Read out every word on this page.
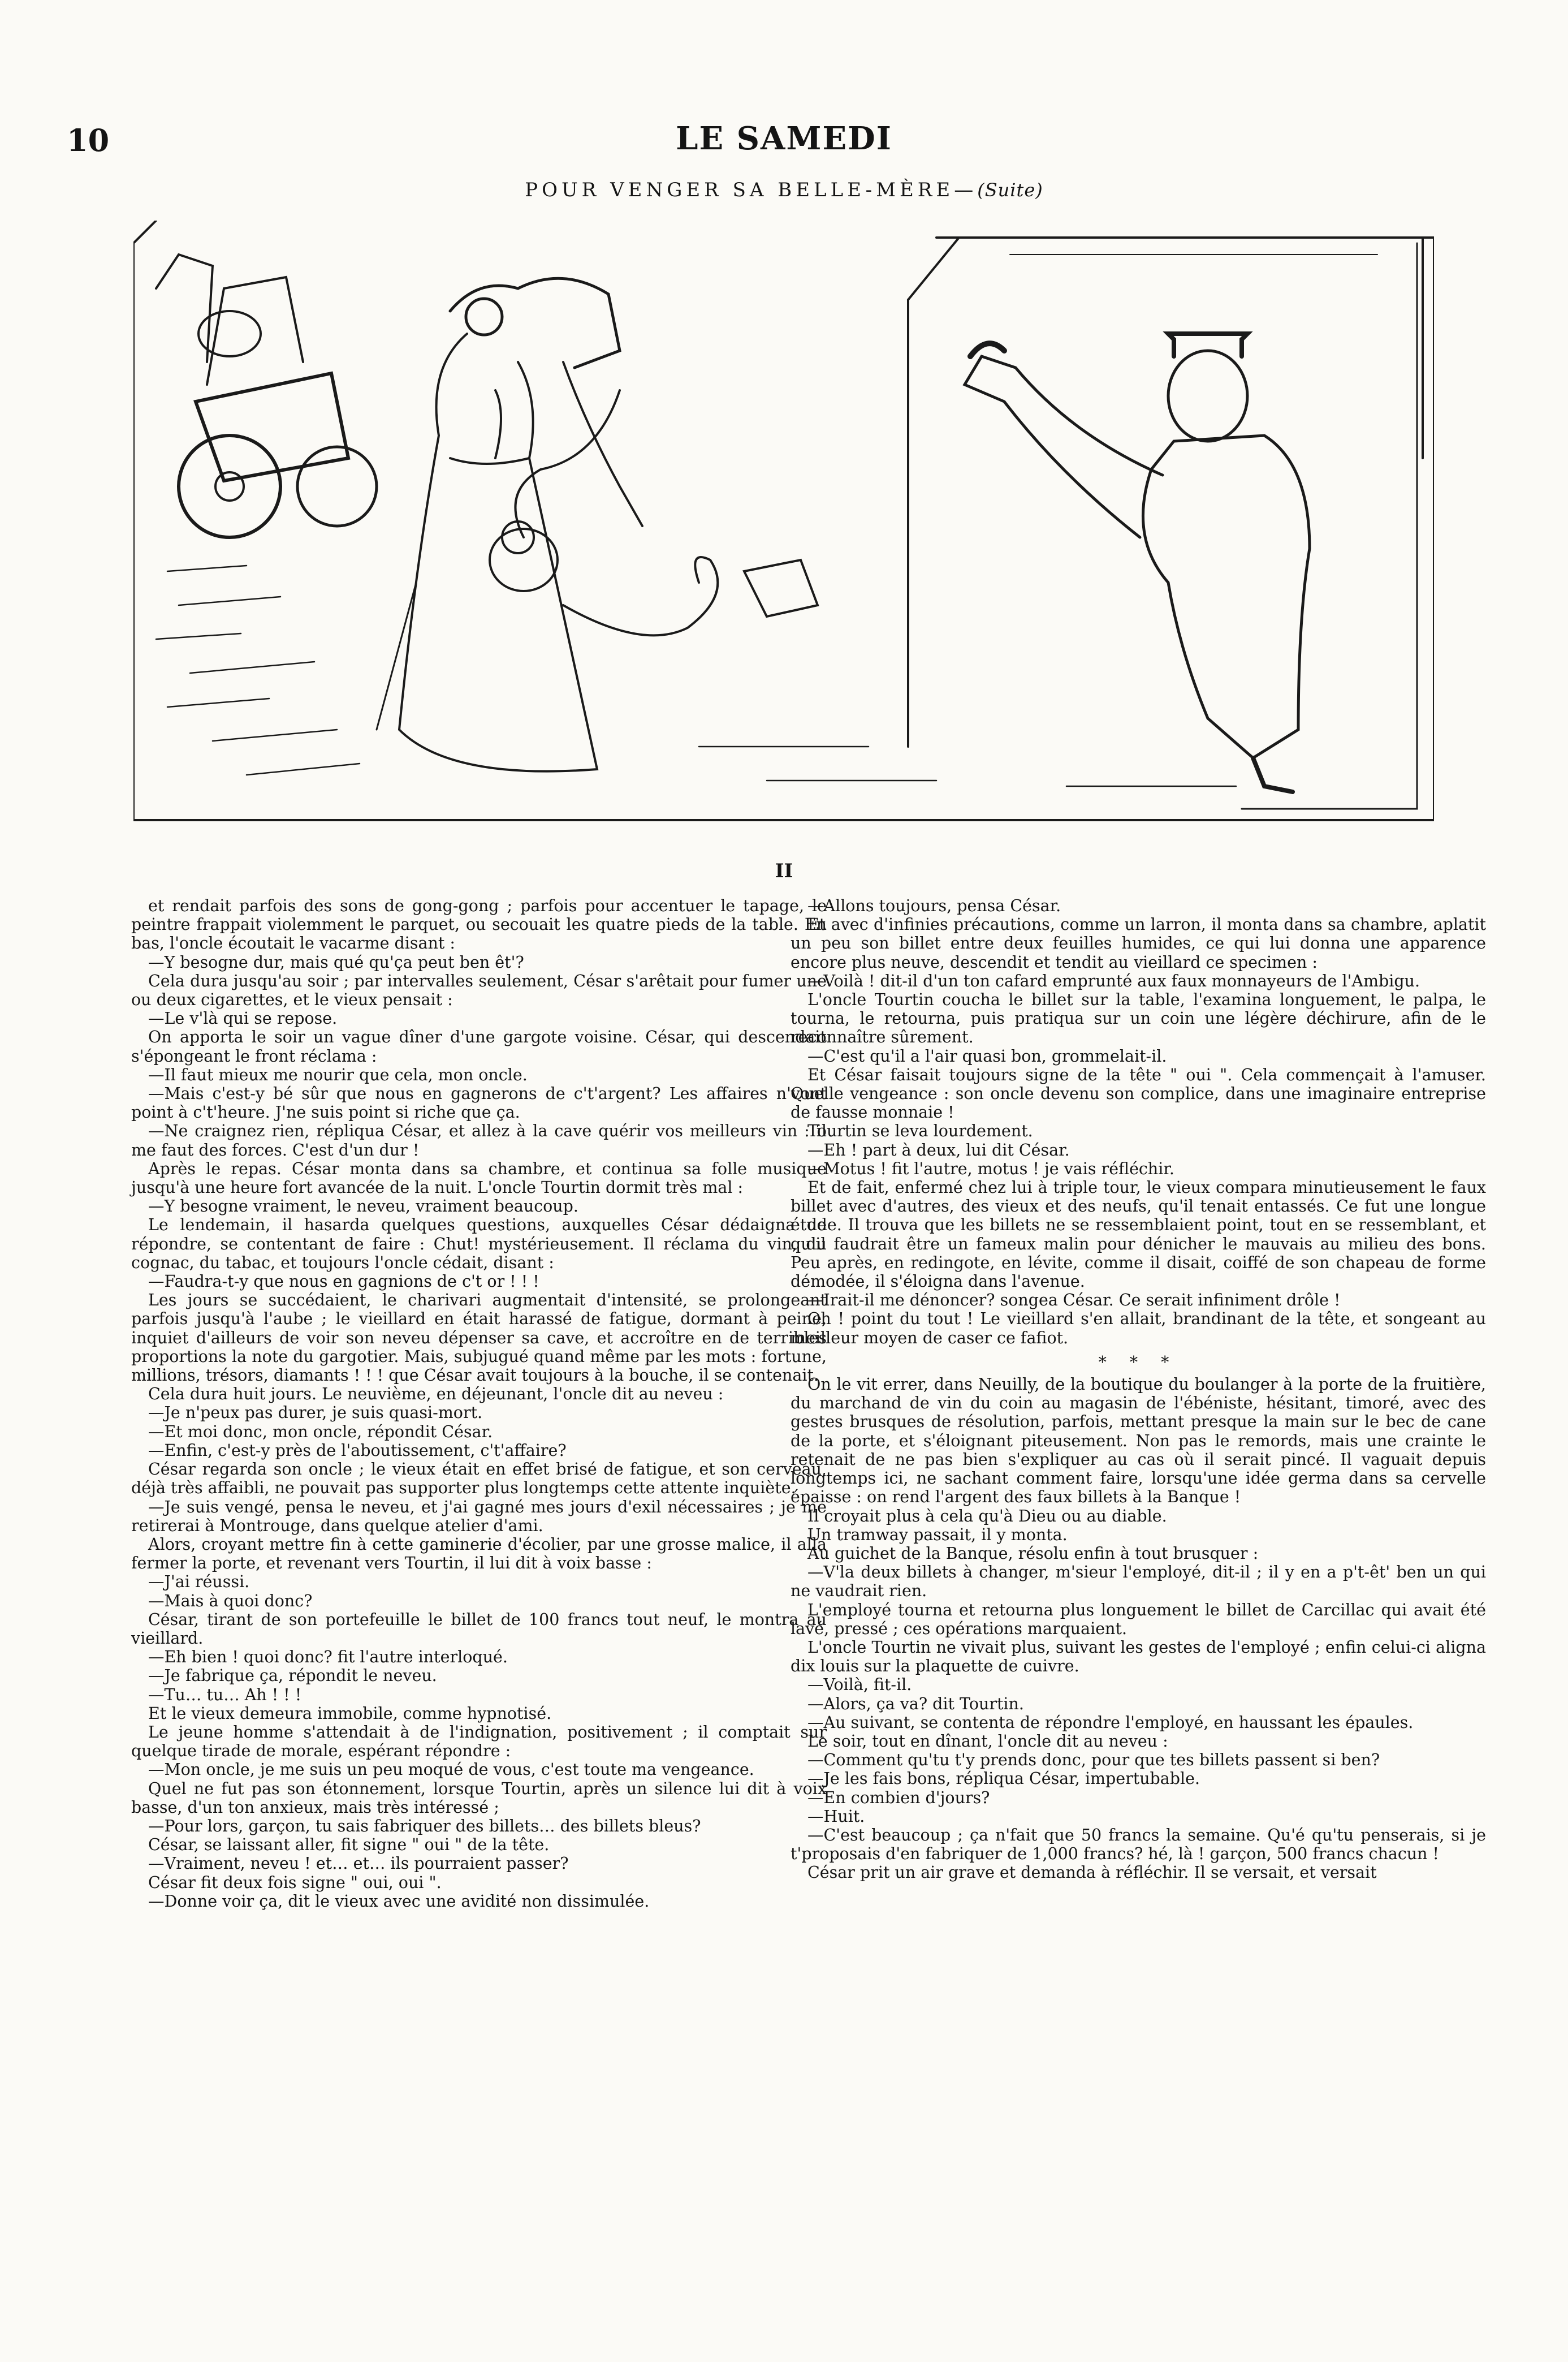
10	LE SAMEDI
POUR VENGER SA BELLE-MÈRE—(Suite)
II

et rendait parfois des sons de gong-gong ; parfois pour accentuer le tapage, le peintre frappait violemment le parquet, ou secouait les quatre pieds de la table. En bas, l'oncle écoutait le vacarme disant :

—Y besogne dur, mais qué qu'ça peut ben êt'?

Cela dura jusqu'au soir ; par intervalles seulement, César s'arêtait pour fumer une ou deux cigarettes, et le vieux pensait :

—Le v'là qui se repose.

On apporta le soir un vague dîner d'une gargote voisine. César, qui descendait s'épongeant le front réclama :

—Il faut mieux me nourir que cela, mon oncle.

—Mais c'est-y bé sûr que nous en gagnerons de c't'argent? Les affaires n'vont point à c't'heure. J'ne suis point si riche que ça.

—Ne craignez rien, répliqua César, et allez à la cave quérir vos meilleurs vin : il me faut des forces. C'est d'un dur !

Après le repas. César monta dans sa chambre, et continua sa folle musique jusqu'à une heure fort avancée de la nuit. L'oncle Tourtin dormit très mal :

—Y besogne vraiment, le neveu, vraiment beaucoup.

Le lendemain, il hasarda quelques questions, auxquelles César dédaigna de répondre, se contentant de faire : Chut! mystérieusement. Il réclama du vin, du cognac, du tabac, et toujours l'oncle cédait, disant :

—Faudra-t-y que nous en gagnions de c't or ! ! !

Les jours se succédaient, le charivari augmentait d'intensité, se prolongeant parfois jusqu'à l'aube ; le vieillard en était harassé de fatigue, dormant à peine, inquiet d'ailleurs de voir son neveu dépenser sa cave, et accroître en de terribles proportions la note du gargotier. Mais, subjugué quand même par les mots : fortune, millions, trésors, diamants ! ! ! que César avait toujours à la bouche, il se contenait.

Cela dura huit jours. Le neuvième, en déjeunant, l'oncle dit au neveu :

—Je n'peux pas durer, je suis quasi-mort.

—Et moi donc, mon oncle, répondit César.

—Enfin, c'est-y près de l'aboutissement, c't'affaire?

César regarda son oncle ; le vieux était en effet brisé de fatigue, et son cerveau, déjà très affaibli, ne pouvait pas supporter plus longtemps cette attente inquiète.

—Je suis vengé, pensa le neveu, et j'ai gagné mes jours d'exil nécessaires ; je me retirerai à Montrouge, dans quelque atelier d'ami.

Alors, croyant mettre fin à cette gaminerie d'écolier, par une grosse malice, il alla fermer la porte, et revenant vers Tourtin, il lui dit à voix basse :

—J'ai réussi.

—Mais à quoi donc?

César, tirant de son portefeuille le billet de 100 francs tout neuf, le montra au vieillard.

—Eh bien ! quoi donc? fit l'autre interloqué.

—Je fabrique ça, répondit le neveu.

—Tu… tu… Ah ! ! !

Et le vieux demeura immobile, comme hypnotisé.

Le jeune homme s'attendait à de l'indignation, positivement ; il comptait sur quelque tirade de morale, espérant répondre :

—Mon oncle, je me suis un peu moqué de vous, c'est toute ma vengeance.

Quel ne fut pas son étonnement, lorsque Tourtin, après un silence lui dit à voix basse, d'un ton anxieux, mais très intéressé ;

—Pour lors, garçon, tu sais fabriquer des billets… des billets bleus?

César, se laissant aller, fit signe " oui " de la tête.

—Vraiment, neveu ! et… et… ils pourraient passer?

César fit deux fois signe " oui, oui ".

—Donne voir ça, dit le vieux avec une avidité non dissimulée.

—Allons toujours, pensa César.

Et avec d'infinies précautions, comme un larron, il monta dans sa chambre, aplatit un peu son billet entre deux feuilles humides, ce qui lui donna une apparence encore plus neuve, descendit et tendit au vieillard ce specimen :

—Voilà ! dit-il d'un ton cafard emprunté aux faux monnayeurs de l'Ambigu.

L'oncle Tourtin coucha le billet sur la table, l'examina longuement, le palpa, le tourna, le retourna, puis pratiqua sur un coin une légère déchirure, afin de le reconnaître sûrement.

—C'est qu'il a l'air quasi bon, grommelait-il.

Et César faisait toujours signe de la tête " oui ". Cela commençait à l'amuser. Quelle vengeance : son oncle devenu son complice, dans une imaginaire entreprise de fausse monnaie !

Tourtin se leva lourdement.

—Eh ! part à deux, lui dit César.

—Motus ! fit l'autre, motus ! je vais réfléchir.

Et de fait, enfermé chez lui à triple tour, le vieux compara minutieusement le faux billet avec d'autres, des vieux et des neufs, qu'il tenait entassés. Ce fut une longue étude. Il trouva que les billets ne se ressemblaient point, tout en se ressemblant, et qu'il faudrait être un fameux malin pour dénicher le mauvais au milieu des bons. Peu après, en redingote, en lévite, comme il disait, coiffé de son chapeau de forme démodée, il s'éloigna dans l'avenue.

—Irait-il me dénoncer? songea César. Ce serait infiniment drôle !

Oh ! point du tout ! Le vieillard s'en allait, brandinant de la tête, et songeant au meilleur moyen de caser ce fafiot.

* * *

On le vit errer, dans Neuilly, de la boutique du boulanger à la porte de la fruitière, du marchand de vin du coin au magasin de l'ébéniste, hésitant, timoré, avec des gestes brusques de résolution, parfois, mettant presque la main sur le bec de cane de la porte, et s'éloignant piteusement. Non pas le remords, mais une crainte le retenait de ne pas bien s'expliquer au cas où il serait pincé. Il vaguait depuis longtemps ici, ne sachant comment faire, lorsqu'une idée germa dans sa cervelle épaisse : on rend l'argent des faux billets à la Banque !

Il croyait plus à cela qu'à Dieu ou au diable.

Un tramway passait, il y monta.

Au guichet de la Banque, résolu enfin à tout brusquer :

—V'la deux billets à changer, m'sieur l'employé, dit-il ; il y en a p't-êt' ben un qui ne vaudrait rien.

L'employé tourna et retourna plus longuement le billet de Carcillac qui avait été lavé, pressé ; ces opérations marquaient.

L'oncle Tourtin ne vivait plus, suivant les gestes de l'employé ; enfin celui-ci aligna dix louis sur la plaquette de cuivre.

—Voilà, fit-il.

—Alors, ça va? dit Tourtin.

—Au suivant, se contenta de répondre l'employé, en haussant les épaules.

Le soir, tout en dînant, l'oncle dit au neveu :

—Comment qu'tu t'y prends donc, pour que tes billets passent si ben?

—Je les fais bons, répliqua César, impertubable.

—En combien d'jours?

—Huit.

—C'est beaucoup ; ça n'fait que 50 francs la semaine. Qu'é qu'tu penserais, si je t'proposais d'en fabriquer de 1,000 francs? hé, là ! garçon, 500 francs chacun !

César prit un air grave et demanda à réfléchir. Il se versait, et versait
